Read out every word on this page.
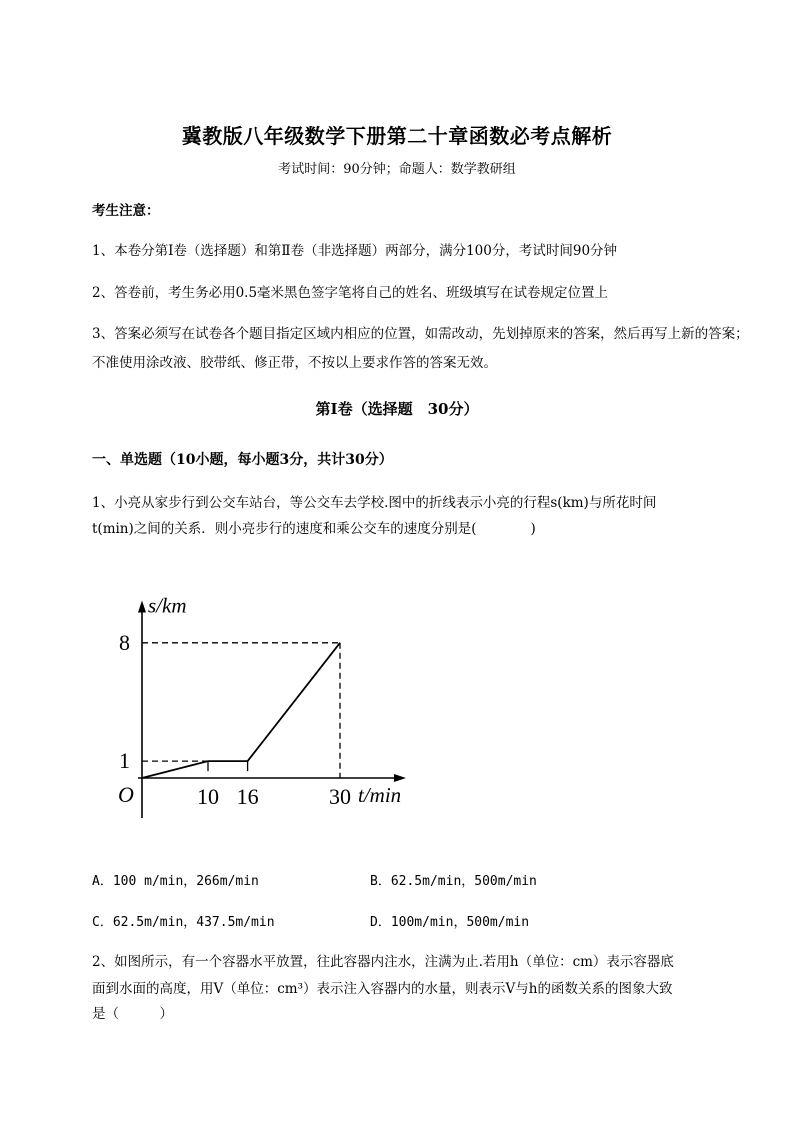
冀教版八年级数学下册第二十章函数必考点解析
考试时间：90分钟；命题人：数学教研组
考生注意：
1、本卷分第I卷（选择题）和第Ⅱ卷（非选择题）两部分，满分100分，考试时间90分钟
2、答卷前，考生务必用0.5毫米黑色签字笔将自己的姓名、班级填写在试卷规定位置上
3、答案必须写在试卷各个题目指定区域内相应的位置，如需改动，先划掉原来的答案，然后再写上新的答案；不准使用涂改液、胶带纸、修正带，不按以上要求作答的答案无效。
第I卷（选择题　30分）
一、单选题（10小题，每小题3分，共计30分）
1、小亮从家步行到公交车站台，等公交车去学校.图中的折线表示小亮的行程s(km)与所花时间
t(min)之间的关系．则小亮步行的速度和乘公交车的速度分别是(　　　　)
s/km
t/min
O	10 16	30
1
8
A．100 m/min，266m/min	B．62.5m/min，500m/min
C．62.5m/min，437.5m/min	D．100m/min，500m/min
2、如图所示，有一个容器水平放置，往此容器内注水，注满为止.若用h（单位：cm）表示容器底
面到水面的高度，用V（单位：cm³）表示注入容器内的水量，则表示V与h的函数关系的图象大致
是（　　　）
